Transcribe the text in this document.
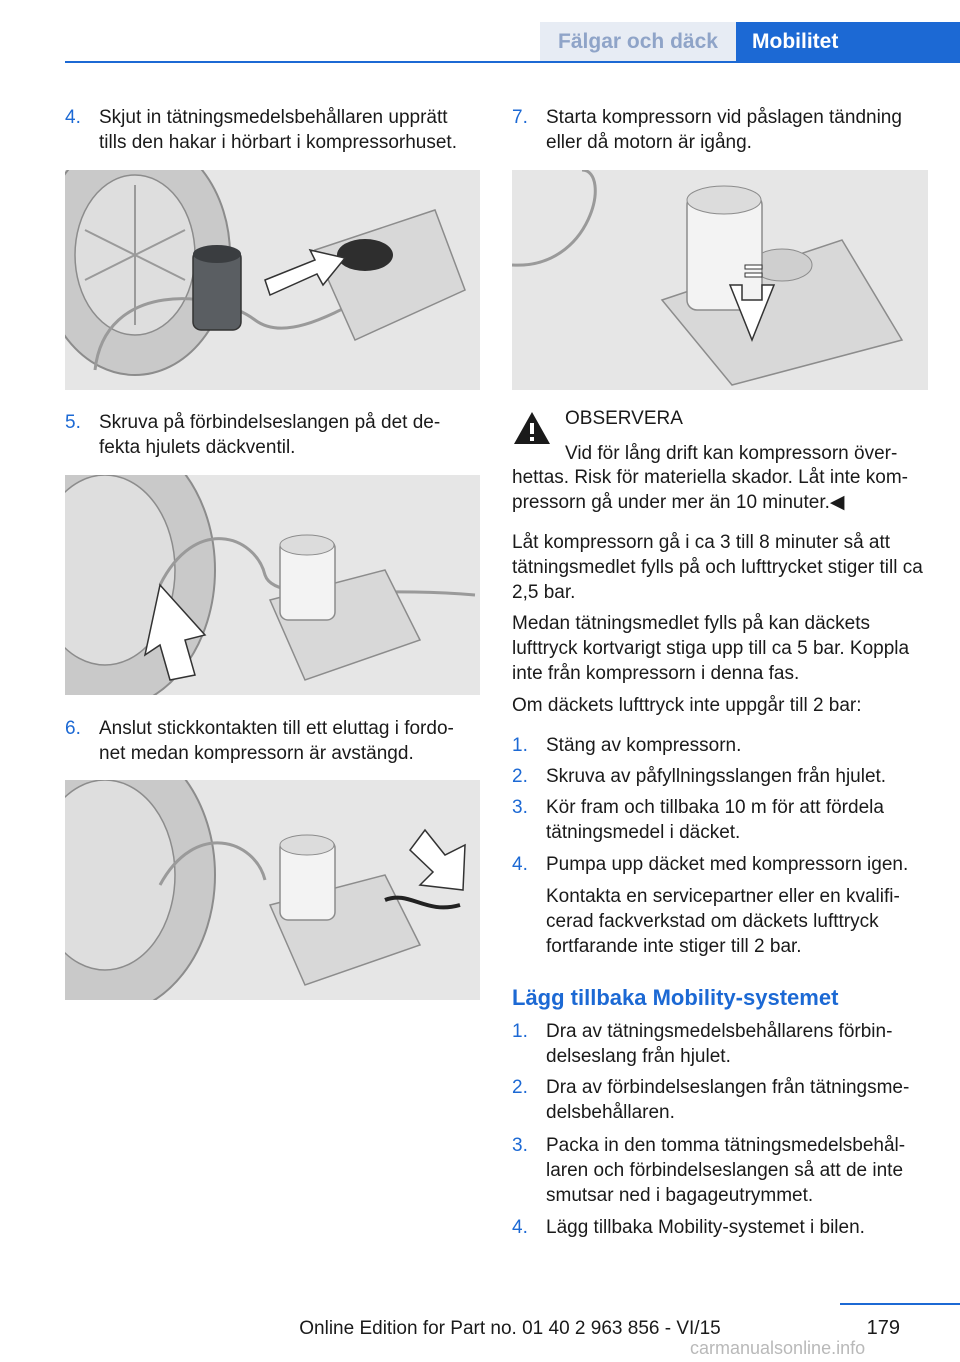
Fälgar och däck	Mobilitet
4. Skjut in tätningsmedelsbehållaren upprätt tills den hakar i hörbart i kompressorhuset.
5. Skruva på förbindelseslangen på det de‐fekta hjulets däckventil.
6. Anslut stickkontakten till ett eluttag i fordo‐net medan kompressorn är avstängd.
7. Starta kompressorn vid påslagen tändning eller då motorn är igång.
OBSERVERA
Vid för lång drift kan kompressorn över‐
hettas. Risk för materiella skador. Låt inte kom‐pressorn gå under mer än 10 minuter.◀
Låt kompressorn gå i ca 3 till 8 minuter så att tätningsmedlet fylls på och lufttrycket stiger till ca 2,5 bar.
Medan tätningsmedlet fylls på kan däckets lufttryck kortvarigt stiga upp till ca 5 bar. Koppla inte från kompressorn i denna fas.
Om däckets lufttryck inte uppgår till 2 bar:
1. Stäng av kompressorn.
2. Skruva av påfyllningsslangen från hjulet.
3. Kör fram och tillbaka 10 m för att fördela tätningsmedel i däcket.
4. Pumpa upp däcket med kompressorn igen.
Kontakta en servicepartner eller en kvalifi‐cerad fackverkstad om däckets lufttryck fortfarande inte stiger till 2 bar.
Lägg tillbaka Mobility-systemet
1. Dra av tätningsmedelsbehållarens förbin‐delseslang från hjulet.
2. Dra av förbindelseslangen från tätningsme‐delsbehållaren.
3. Packa in den tomma tätningsmedelsbehål‐laren och förbindelseslangen så att de inte smutsar ned i bagageutrymmet.
4. Lägg tillbaka Mobility-systemet i bilen.
179
Online Edition for Part no. 01 40 2 963 856 - VI/15
carmanualsonline.info
